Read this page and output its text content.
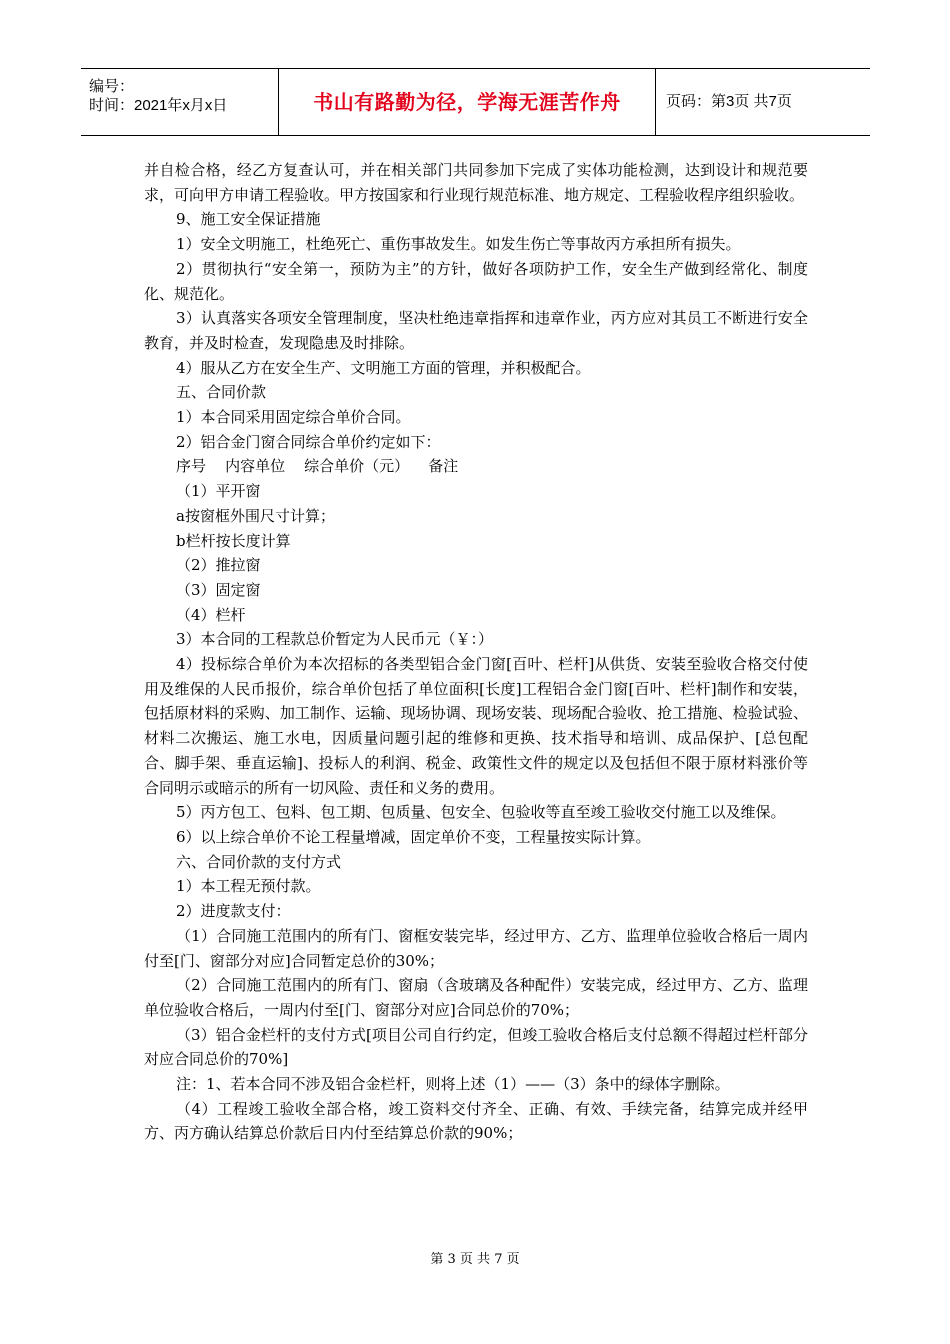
编号：
时间：2021年x月x日	书山有路勤为径，学海无涯苦作舟	页码：第3页 共7页

并自检合格，经乙方复查认可，并在相关部门共同参加下完成了实体功能检测，达到设计和规范要求，可向甲方申请工程验收。甲方按国家和行业现行规范标准、地方规定、工程验收程序组织验收。

9、施工安全保证措施

1）安全文明施工，杜绝死亡、重伤事故发生。如发生伤亡等事故丙方承担所有损失。

2）贯彻执行“安全第一，预防为主”的方针，做好各项防护工作，安全生产做到经常化、制度化、规范化。

3）认真落实各项安全管理制度，坚决杜绝违章指挥和违章作业，丙方应对其员工不断进行安全教育，并及时检查，发现隐患及时排除。

4）服从乙方在安全生产、文明施工方面的管理，并积极配合。

五、合同价款

1）本合同采用固定综合单价合同。

2）铝合金门窗合同综合单价约定如下：

序号    内容单位    综合单价（元）    备注

（1）平开窗

a按窗框外围尺寸计算；

b栏杆按长度计算

（2）推拉窗

（3）固定窗

（4）栏杆

3）本合同的工程款总价暂定为人民币元（￥：）

4）投标综合单价为本次招标的各类型铝合金门窗[百叶、栏杆]从供货、安装至验收合格交付使用及维保的人民币报价，综合单价包括了单位面积[长度]工程铝合金门窗[百叶、栏杆]制作和安装，包括原材料的采购、加工制作、运输、现场协调、现场安装、现场配合验收、抢工措施、检验试验、材料二次搬运、施工水电，因质量问题引起的维修和更换、技术指导和培训、成品保护、[总包配合、脚手架、垂直运输]、投标人的利润、税金、政策性文件的规定以及包括但不限于原材料涨价等合同明示或暗示的所有一切风险、责任和义务的费用。

5）丙方包工、包料、包工期、包质量、包安全、包验收等直至竣工验收交付施工以及维保。

6）以上综合单价不论工程量增减，固定单价不变，工程量按实际计算。

六、合同价款的支付方式

1）本工程无预付款。

2）进度款支付：

（1）合同施工范围内的所有门、窗框安装完毕，经过甲方、乙方、监理单位验收合格后一周内付至[门、窗部分对应]合同暂定总价的30%；

（2）合同施工范围内的所有门、窗扇（含玻璃及各种配件）安装完成，经过甲方、乙方、监理单位验收合格后，一周内付至[门、窗部分对应]合同总价的70%；

（3）铝合金栏杆的支付方式[项目公司自行约定，但竣工验收合格后支付总额不得超过栏杆部分对应合同总价的70%]

注：1、若本合同不涉及铝合金栏杆，则将上述（1）——（3）条中的绿体字删除。

（4）工程竣工验收全部合格，竣工资料交付齐全、正确、有效、手续完备，结算完成并经甲方、丙方确认结算总价款后日内付至结算总价款的90%；

第 3 页 共 7 页
